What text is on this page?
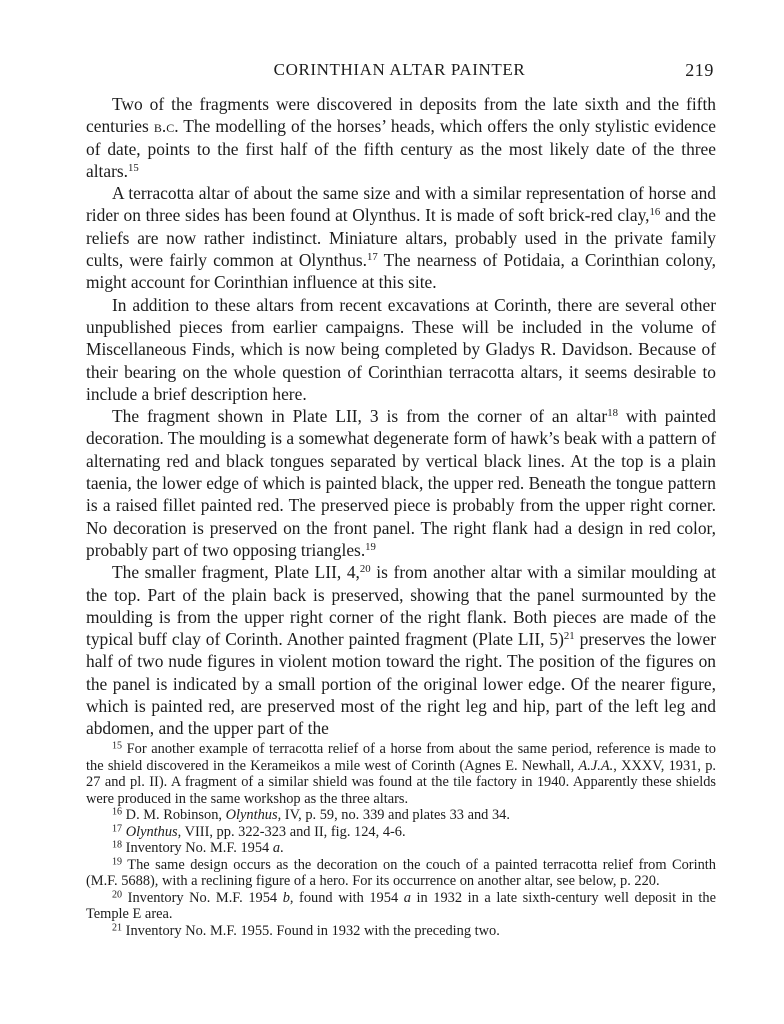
CORINTHIAN ALTAR PAINTER	219

Two of the fragments were discovered in deposits from the late sixth and the fifth centuries b.c. The modelling of the horses’ heads, which offers the only stylistic evidence of date, points to the first half of the fifth century as the most likely date of the three altars.$^{15}$

A terracotta altar of about the same size and with a similar representation of horse and rider on three sides has been found at Olynthus. It is made of soft brick-red clay,$^{16}$ and the reliefs are now rather indistinct. Miniature altars, probably used in the private family cults, were fairly common at Olynthus.$^{17}$ The nearness of Potidaia, a Corinthian colony, might account for Corinthian influence at this site.

In addition to these altars from recent excavations at Corinth, there are several other unpublished pieces from earlier campaigns. These will be included in the volume of Miscellaneous Finds, which is now being completed by Gladys R. Davidson. Because of their bearing on the whole question of Corinthian terracotta altars, it seems desirable to include a brief description here.

The fragment shown in Plate LII, 3 is from the corner of an altar$^{18}$ with painted decoration. The moulding is a somewhat degenerate form of hawk’s beak with a pattern of alternating red and black tongues separated by vertical black lines. At the top is a plain taenia, the lower edge of which is painted black, the upper red. Beneath the tongue pattern is a raised fillet painted red. The preserved piece is probably from the upper right corner. No decoration is preserved on the front panel. The right flank had a design in red color, probably part of two opposing triangles.$^{19}$

The smaller fragment, Plate LII, 4,20 is from another altar with a similar moulding at the top. Part of the plain back is preserved, showing that the panel surmounted by the moulding is from the upper right corner of the right flank. Both pieces are made of the typical buff clay of Corinth. Another painted fragment (Plate LII, 5)$^{21}$ preserves the lower half of two nude figures in violent motion toward the right. The position of the figures on the panel is indicated by a small portion of the original lower edge. Of the nearer figure, which is painted red, are preserved most of the right leg and hip, part of the left leg and abdomen, and the upper part of the

$^{15}$ For another example of terracotta relief of a horse from about the same period, reference is made to the shield discovered in the Kerameikos a mile west of Corinth (Agnes E. Newhall, A.J.A., XXXV, 1931, p. 27 and pl. II). A fragment of a similar shield was found at the tile factory in 1940. Apparently these shields were produced in the same workshop as the three altars.

$^{16}$ D. M. Robinson, Olynthus, IV, p. 59, no. 339 and plates 33 and 34.

$^{17}$ Olynthus, VIII, pp. 322-323 and II, fig. 124, 4-6.

$^{18}$ Inventory No. M.F. 1954 a.

$^{19}$ The same design occurs as the decoration on the couch of a painted terracotta relief from Corinth (M.F. 5688), with a reclining figure of a hero. For its occurrence on another altar, see below, p. 220.

$^{20}$ Inventory No. M.F. 1954 b, found with 1954 a in 1932 in a late sixth-century well deposit in the Temple E area.

$^{21}$ Inventory No. M.F. 1955. Found in 1932 with the preceding two.
